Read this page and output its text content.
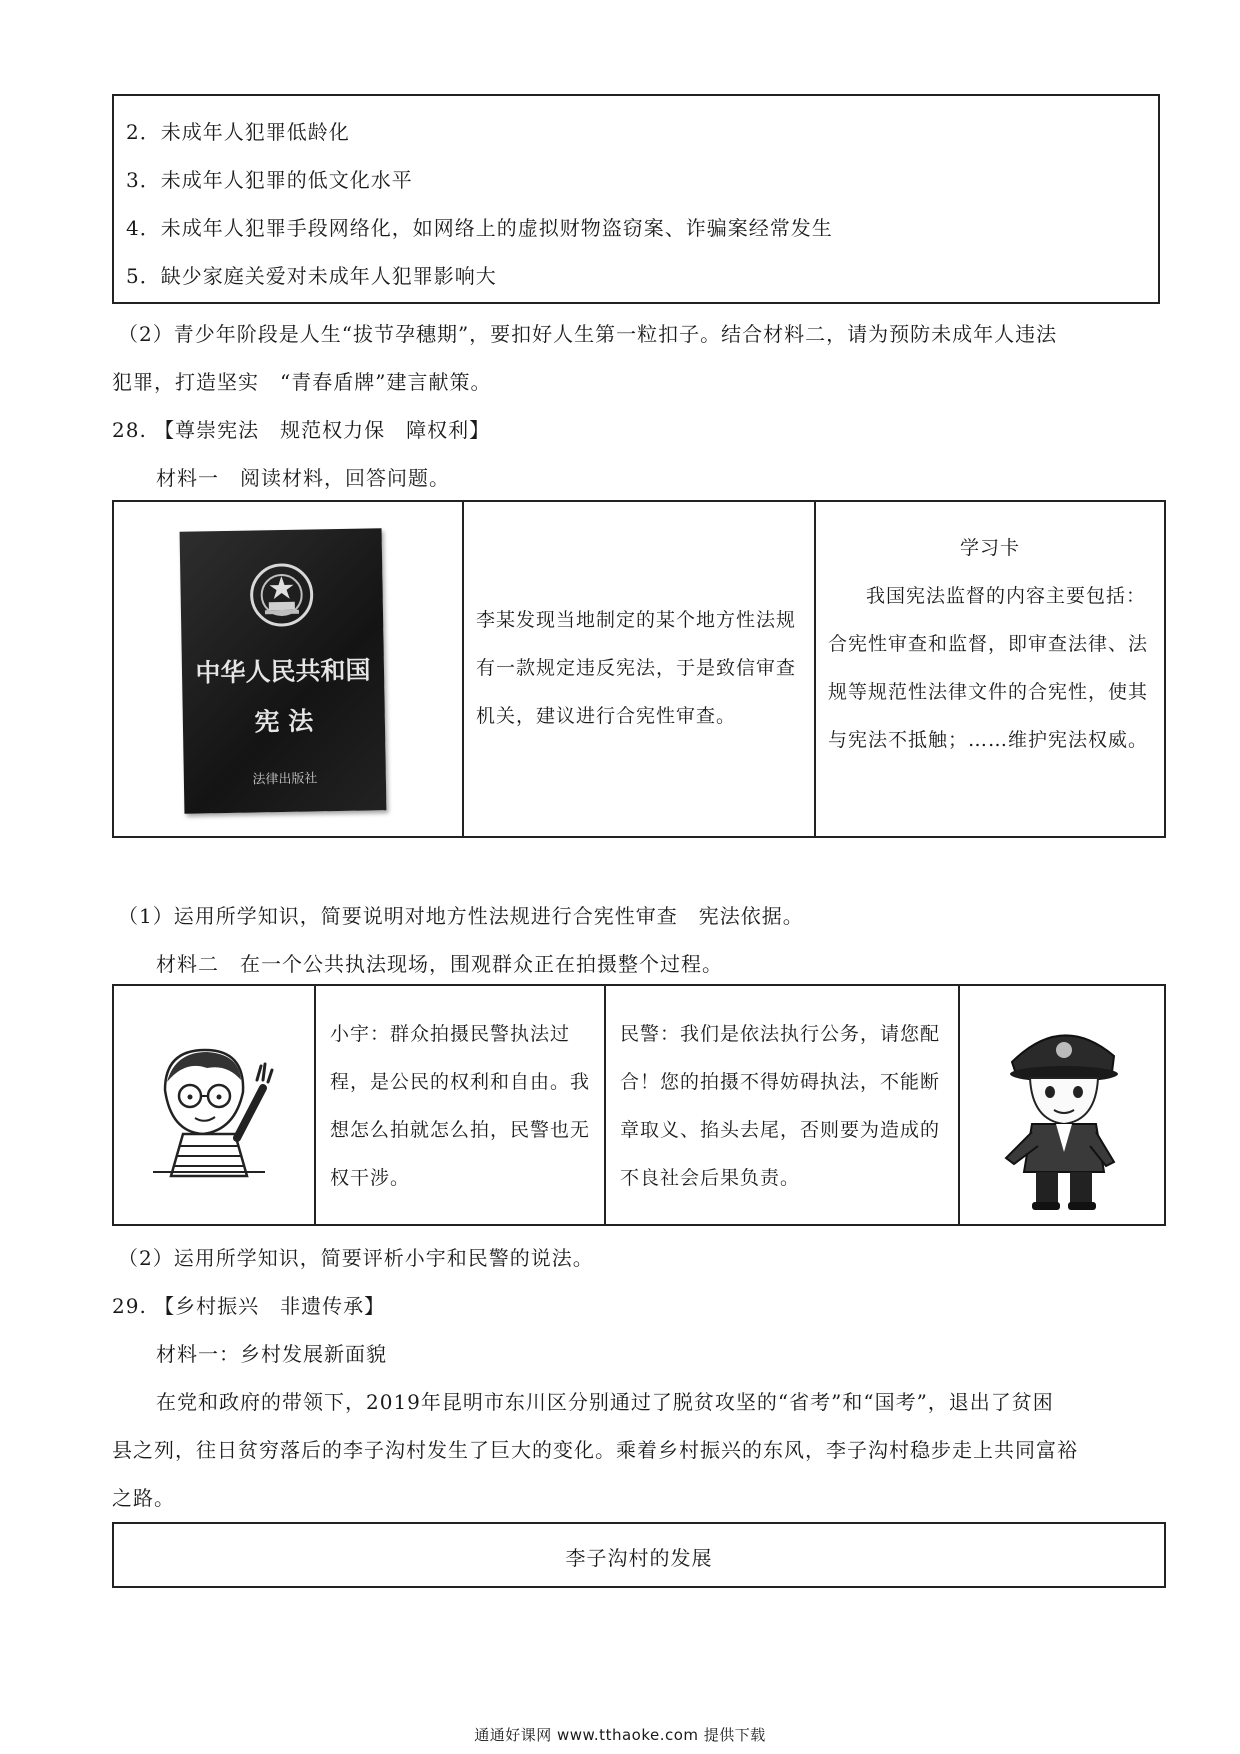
2．未成年人犯罪低龄化
3．未成年人犯罪的低文化水平
4．未成年人犯罪手段网络化，如网络上的虚拟财物盗窃案、诈骗案经常发生
5．缺少家庭关爱对未成年人犯罪影响大
（2）青少年阶段是人生“拔节孕穗期”，要扣好人生第一粒扣子。结合材料二，请为预防未成年人违法
犯罪，打造坚实　“青春盾牌”建言献策。
28. 【尊崇宪法　规范权力保　障权利】
材料一　阅读材料，回答问题。
中华人民共和国
宪 法
法律出版社
李某发现当地制定的某个地方性法规有一款规定违反宪法，于是致信审查机关，建议进行合宪性审查。
学习卡
我国宪法监督的内容主要包括：合宪性审查和监督，即审查法律、法规等规范性法律文件的合宪性，使其与宪法不抵触；……维护宪法权威。
（1）运用所学知识，简要说明对地方性法规进行合宪性审查　宪法依据。
材料二　在一个公共执法现场，围观群众正在拍摄整个过程。
小宇：群众拍摄民警执法过程，是公民的权利和自由。我想怎么拍就怎么拍，民警也无权干涉。
民警：我们是依法执行公务，请您配合！您的拍摄不得妨碍执法，不能断章取义、掐头去尾，否则要为造成的不良社会后果负责。
（2）运用所学知识，简要评析小宇和民警的说法。
29. 【乡村振兴　非遗传承】
材料一：乡村发展新面貌
在党和政府的带领下，2019年昆明市东川区分别通过了脱贫攻坚的“省考”和“国考”，退出了贫困
县之列，往日贫穷落后的李子沟村发生了巨大的变化。乘着乡村振兴的东风，李子沟村稳步走上共同富裕
之路。
李子沟村的发展
通通好课网 www.tthaoke.com 提供下载
